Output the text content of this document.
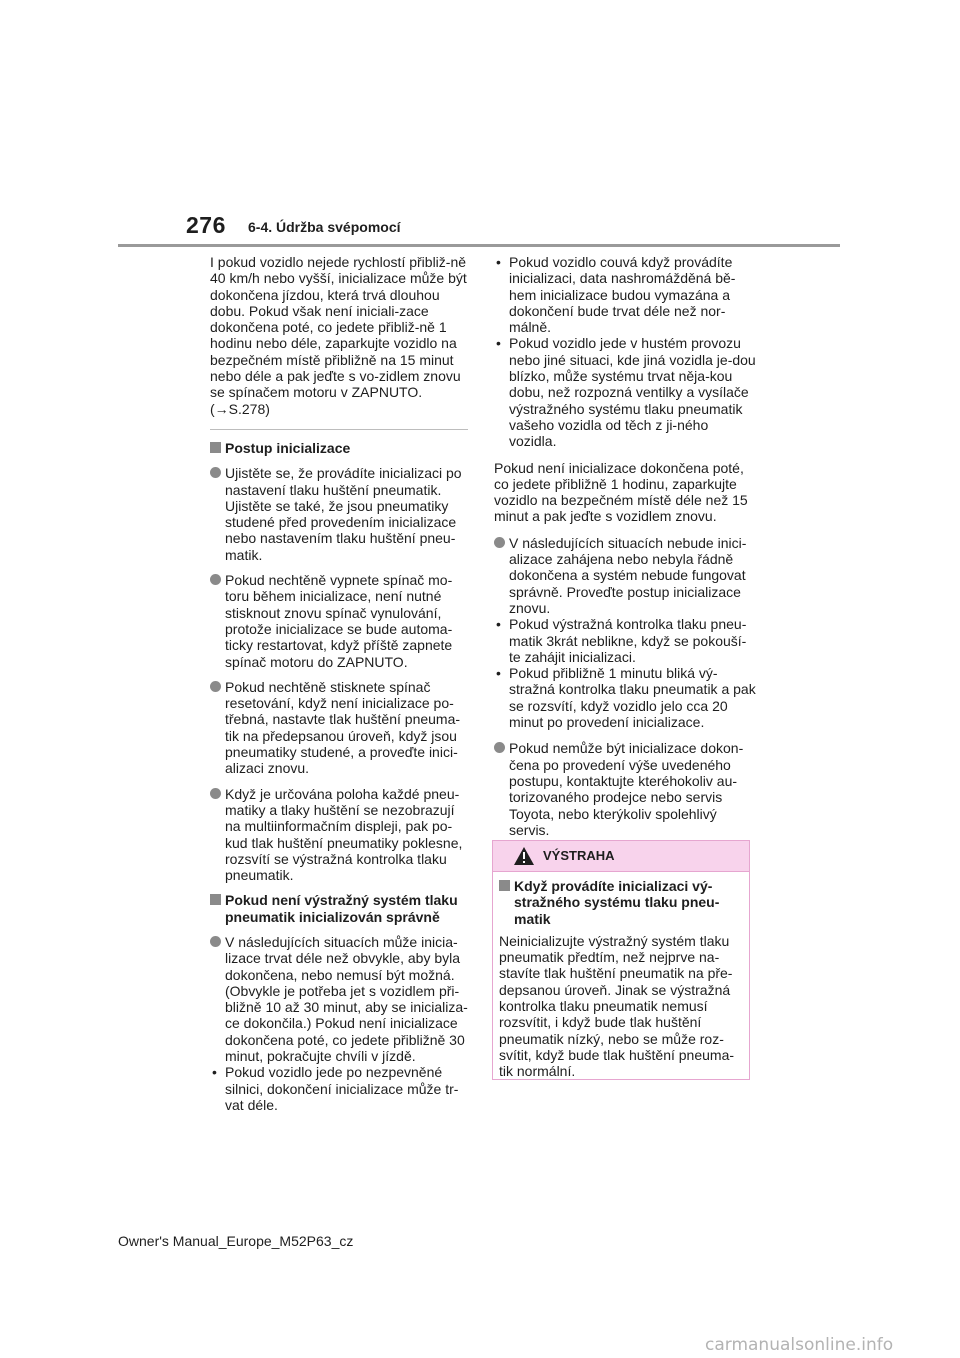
276 6-4. Údržba svépomocí

I pokud vozidlo nejede rychlostí přibliž-ně 40 km/h nebo vyšší, inicializace může být dokončena jízdou, která trvá dlouhou dobu. Pokud však není iniciali-zace dokončena poté, co jedete přibliž-ně 1 hodinu nebo déle, zaparkujte vozidlo na bezpečném místě přibližně na 15 minut nebo déle a pak jeďte s vo-zidlem znovu se spínačem motoru v ZAPNUTO. (→S.278)

Postup inicializace
Ujistěte se, že provádíte inicializaci po nastavení tlaku huštění pneumatik. Ujistěte se také, že jsou pneumatiky studené před provedením inicializace nebo nastavením tlaku huštění pneu-matik.
Pokud nechtěně vypnete spínač mo-toru během inicializace, není nutné stisknout znovu spínač vynulování, protože inicializace se bude automa-ticky restartovat, když příště zapnete spínač motoru do ZAPNUTO.
Pokud nechtěně stisknete spínač resetování, když není inicializace po-třebná, nastavte tlak huštění pneuma-tik na předepsanou úroveň, když jsou pneumatiky studené, a proveďte inici-alizaci znovu.
Když je určována poloha každé pneu-matiky a tlaky huštění se nezobrazují na multiinformačním displeji, pak po-kud tlak huštění pneumatiky poklesne, rozsvítí se výstražná kontrolka tlaku pneumatik.
Pokud není výstražný systém tlaku pneumatik inicializován správně
V následujících situacích může inicia-lizace trvat déle než obvykle, aby byla dokončena, nebo nemusí být možná. (Obvykle je potřeba jet s vozidlem při-bližně 10 až 30 minut, aby se inicializa-ce dokončila.) Pokud není inicializace dokončena poté, co jedete přibližně 30 minut, pokračujte chvíli v jízdě.
• Pokud vozidlo jede po nezpevněné silnici, dokončení inicializace může tr-vat déle.
• Pokud vozidlo couvá když provádíte inicializaci, data nashromážděná bě-hem inicializace budou vymazána a dokončení bude trvat déle než nor-málně.
• Pokud vozidlo jede v hustém provozu nebo jiné situaci, kde jiná vozidla je-dou blízko, může systému trvat něja-kou dobu, než rozpozná ventilky a vysílače výstražného systému tlaku pneumatik vašeho vozidla od těch z ji-ného vozidla.

Pokud není inicializace dokončena poté, co jedete přibližně 1 hodinu, zaparkujte vozidlo na bezpečném místě déle než 15 minut a pak jeďte s vozidlem znovu.

V následujících situacích nebude inici-alizace zahájena nebo nebyla řádně dokončena a systém nebude fungovat správně. Proveďte postup inicializace znovu.
• Pokud výstražná kontrolka tlaku pneu-matik 3krát neblikne, když se pokouší-te zahájit inicializaci.
• Pokud přibližně 1 minutu bliká vý-stražná kontrolka tlaku pneumatik a pak se rozsvítí, když vozidlo jelo cca 20 minut po provedení inicializace.
Pokud nemůže být inicializace dokon-čena po provedení výše uvedeného postupu, kontaktujte kteréhokoliv au-torizovaného prodejce nebo servis Toyota, nebo kterýkoliv spolehlivý servis.
VÝSTRAHA
Když provádíte inicializaci vý-stražného systému tlaku pneu-matik

Neinicializujte výstražný systém tlaku pneumatik předtím, než nejprve na-stavíte tlak huštění pneumatik na pře-depsanou úroveň. Jinak se výstražná kontrolka tlaku pneumatik nemusí rozsvítit, i když bude tlak huštění pneumatik nízký, nebo se může roz-svítit, když bude tlak huštění pneuma-tik normální.

Owner's Manual_Europe_M52P63_cz
carmanualsonline.info
